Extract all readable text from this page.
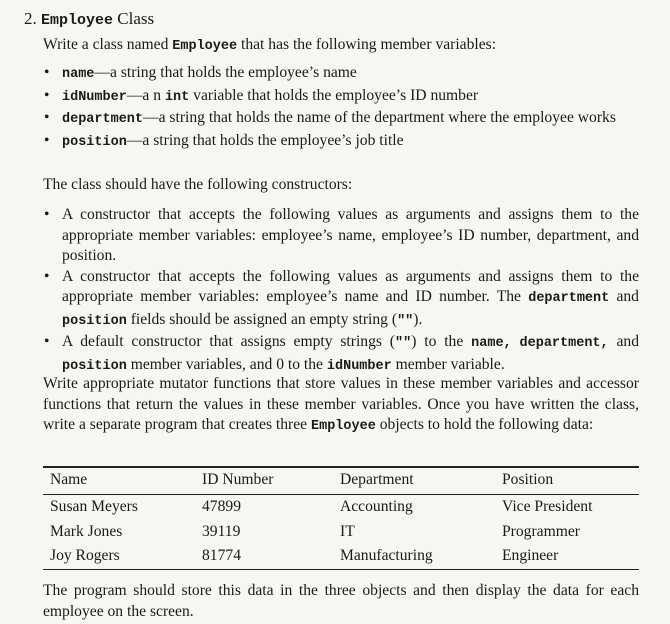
2. Employee Class
Write a class named Employee that has the following member variables:
• name—a string that holds the employee’s name
• idNumber—a n int variable that holds the employee’s ID number
• department—a string that holds the name of the department where the employee works
• position—a string that holds the employee’s job title
The class should have the following constructors:
• A constructor that accepts the following values as arguments and assigns them to the appropriate member variables: employee’s name, employee’s ID number, department, and position.
• A constructor that accepts the following values as arguments and assigns them to the appropriate member variables: employee’s name and ID number. The department and position fields should be assigned an empty string ("").
• A default constructor that assigns empty strings ("") to the name, department, and position member variables, and 0 to the idNumber member variable.
Write appropriate mutator functions that store values in these member variables and accessor functions that return the values in these member variables. Once you have written the class, write a separate program that creates three Employee objects to hold the following data:
Name	ID Number	Department	Position
Susan Meyers	47899	Accounting	Vice President
Mark Jones	39119	IT	Programmer
Joy Rogers	81774	Manufacturing	Engineer
The program should store this data in the three objects and then display the data for each employee on the screen.
